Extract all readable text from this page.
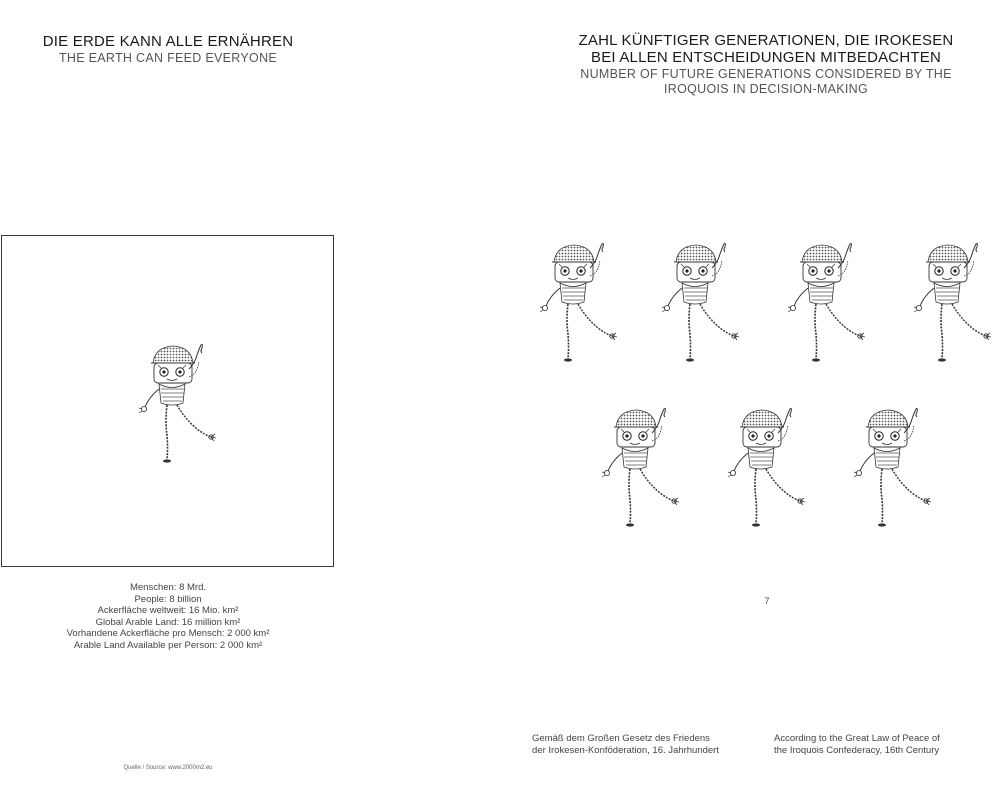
DIE ERDE KANN ALLE ERNÄHREN
THE EARTH CAN FEED EVERYONE
Menschen: 8 Mrd.
People: 8 billion
Ackerfläche weltweit: 16 Mio. km²
Global Arable Land: 16 million km²
Vorhandene Ackerfläche pro Mensch: 2 000 km²
Arable Land Available per Person: 2 000 km²
Quelle / Source: www.2000m2.eu
ZAHL KÜNFTIGER GENERATIONEN, DIE IROKESEN
BEI ALLEN ENTSCHEIDUNGEN MITBEDACHTEN
NUMBER OF FUTURE GENERATIONS CONSIDERED BY THE
IROQUOIS IN DECISION-MAKING
7
Gemäß dem Großen Gesetz des Friedens
der Irokesen-Konföderation, 16. Jahrhundert
According to the Great Law of Peace of
the Iroquois Confederacy, 16th Century
